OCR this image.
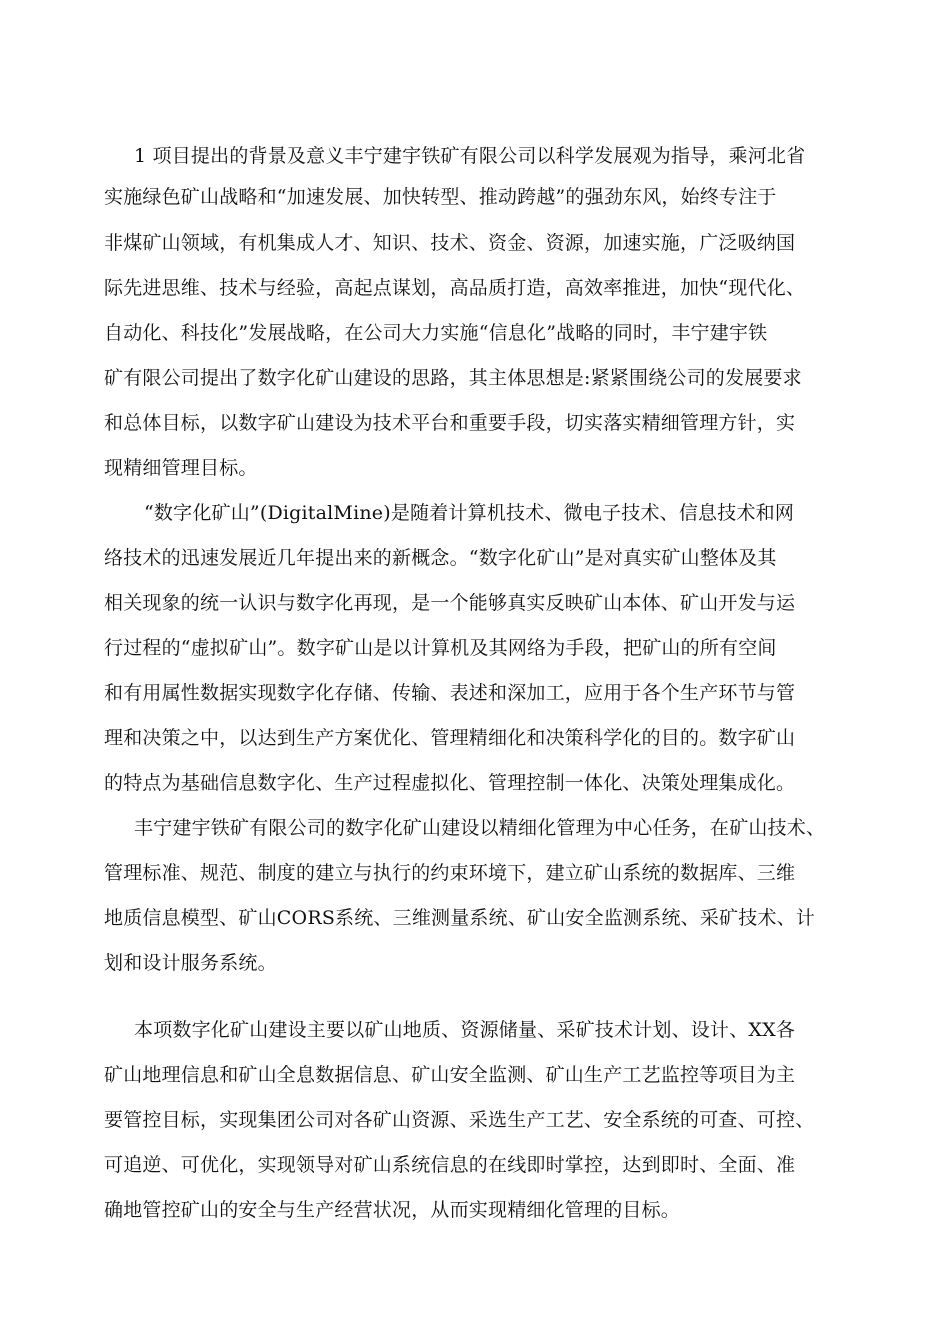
1 项目提出的背景及意义丰宁建宇铁矿有限公司以科学发展观为指导，乘河北省
实施绿色矿山战略和“加速发展、加快转型、推动跨越”的强劲东风，始终专注于
非煤矿山领域，有机集成人才、知识、技术、资金、资源，加速实施，广泛吸纳国
际先进思维、技术与经验，高起点谋划，高品质打造，高效率推进，加快“现代化、
自动化、科技化”发展战略，在公司大力实施“信息化”战略的同时，丰宁建宇铁
矿有限公司提出了数字化矿山建设的思路，其主体思想是:紧紧围绕公司的发展要求
和总体目标，以数字矿山建设为技术平台和重要手段，切实落实精细管理方针，实
现精细管理目标。
“数字化矿山”(DigitalMine)是随着计算机技术、微电子技术、信息技术和网
络技术的迅速发展近几年提出来的新概念。“数字化矿山”是对真实矿山整体及其
相关现象的统一认识与数字化再现，是一个能够真实反映矿山本体、矿山开发与运
行过程的“虚拟矿山”。数字矿山是以计算机及其网络为手段，把矿山的所有空间
和有用属性数据实现数字化存储、传输、表述和深加工，应用于各个生产环节与管
理和决策之中，以达到生产方案优化、管理精细化和决策科学化的目的。数字矿山
的特点为基础信息数字化、生产过程虚拟化、管理控制一体化、决策处理集成化。
丰宁建宇铁矿有限公司的数字化矿山建设以精细化管理为中心任务，在矿山技术、
管理标准、规范、制度的建立与执行的约束环境下，建立矿山系统的数据库、三维
地质信息模型、矿山CORS系统、三维测量系统、矿山安全监测系统、采矿技术、计
划和设计服务系统。
本项数字化矿山建设主要以矿山地质、资源储量、采矿技术计划、设计、XX各
矿山地理信息和矿山全息数据信息、矿山安全监测、矿山生产工艺监控等项目为主
要管控目标，实现集团公司对各矿山资源、采选生产工艺、安全系统的可查、可控、
可追逆、可优化，实现领导对矿山系统信息的在线即时掌控，达到即时、全面、准
确地管控矿山的安全与生产经营状况，从而实现精细化管理的目标。
